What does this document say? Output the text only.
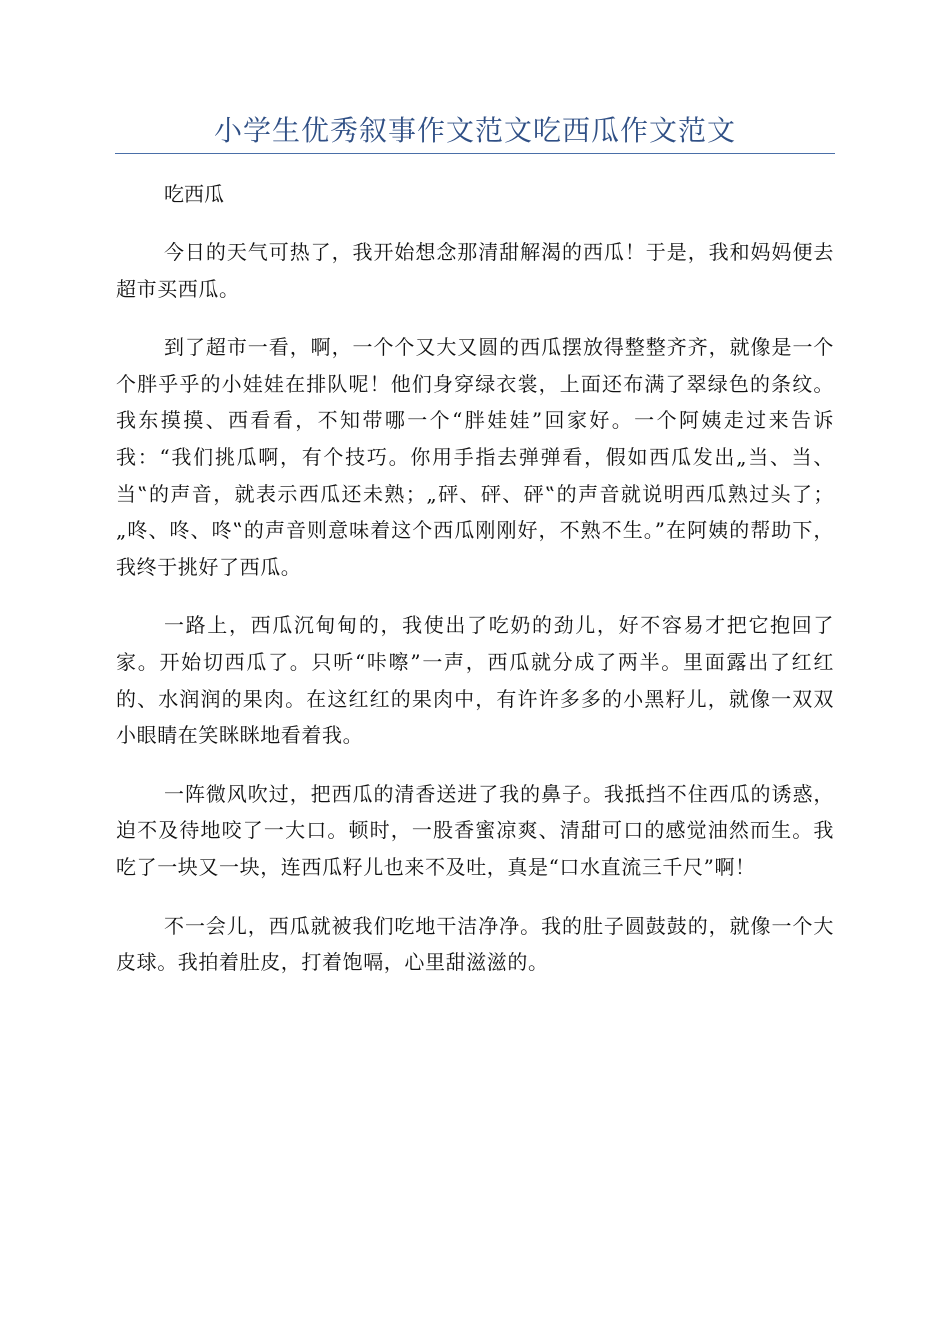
小学生优秀叙事作文范文吃西瓜作文范文

吃西瓜

今日的天气可热了，我开始想念那清甜解渴的西瓜！于是，我和妈妈便去超市买西瓜。

到了超市一看，啊，一个个又大又圆的西瓜摆放得整整齐齐，就像是一个个胖乎乎的小娃娃在排队呢！他们身穿绿衣裳，上面还布满了翠绿色的条纹。我东摸摸、西看看，不知带哪一个“胖娃娃”回家好。一个阿姨走过来告诉我：“我们挑瓜啊，有个技巧。你用手指去弹弹看，假如西瓜发出„当、当、当‟的声音，就表示西瓜还未熟；„砰、砰、砰‟的声音就说明西瓜熟过头了；„咚、咚、咚‟的声音则意味着这个西瓜刚刚好，不熟不生。”在阿姨的帮助下，我终于挑好了西瓜。

一路上，西瓜沉甸甸的，我使出了吃奶的劲儿，好不容易才把它抱回了家。开始切西瓜了。只听“咔嚓”一声，西瓜就分成了两半。里面露出了红红的、水润润的果肉。在这红红的果肉中，有许许多多的小黑籽儿，就像一双双小眼睛在笑眯眯地看着我。

一阵微风吹过，把西瓜的清香送进了我的鼻子。我抵挡不住西瓜的诱惑，迫不及待地咬了一大口。顿时，一股香蜜凉爽、清甜可口的感觉油然而生。我吃了一块又一块，连西瓜籽儿也来不及吐，真是“口水直流三千尺”啊！

不一会儿，西瓜就被我们吃地干洁净净。我的肚子圆鼓鼓的，就像一个大皮球。我拍着肚皮，打着饱嗝，心里甜滋滋的。
